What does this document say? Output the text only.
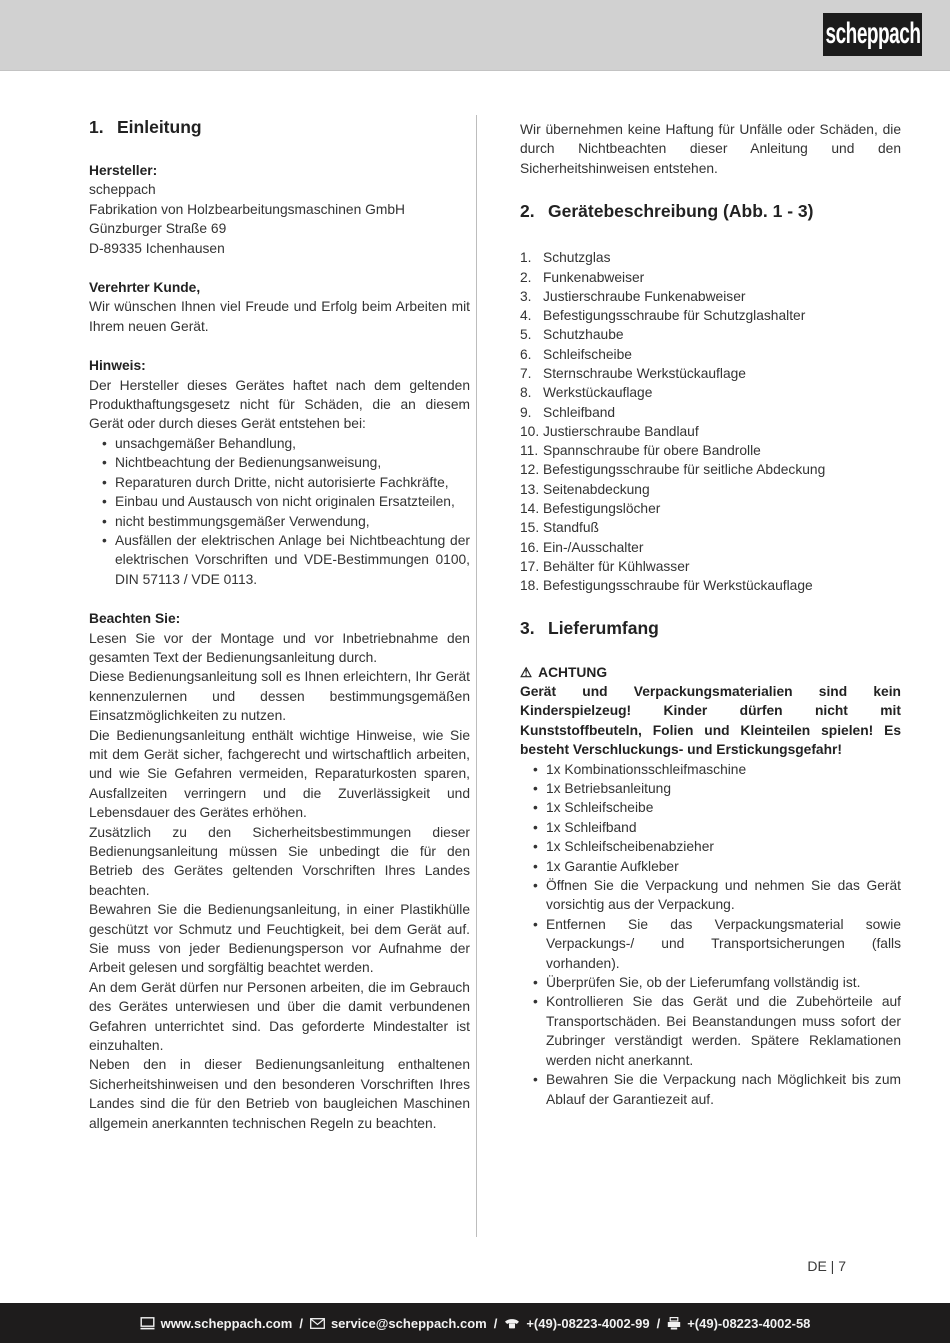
scheppach
1. Einleitung

Hersteller:

scheppach

Fabrikation von Holzbearbeitungsmaschinen GmbH

Günzburger Straße 69

D-89335 Ichenhausen

Verehrter Kunde,

Wir wünschen Ihnen viel Freude und Erfolg beim Arbeiten mit Ihrem neuen Gerät.

Hinweis:

Der Hersteller dieses Gerätes haftet nach dem geltenden Produkthaftungsgesetz nicht für Schäden, die an diesem Gerät oder durch dieses Gerät entstehen bei:

• unsachgemäßer Behandlung,
• Nichtbeachtung der Bedienungsanweisung,
• Reparaturen durch Dritte, nicht autorisierte Fachkräfte,
• Einbau und Austausch von nicht originalen Ersatzteilen,
• nicht bestimmungsgemäßer Verwendung,
• Ausfällen der elektrischen Anlage bei Nichtbeachtung der elektrischen Vorschriften und VDE-Bestimmungen 0100, DIN 57113 / VDE 0113.

Beachten Sie:

Lesen Sie vor der Montage und vor Inbetriebnahme den gesamten Text der Bedienungsanleitung durch.

Diese Bedienungsanleitung soll es Ihnen erleichtern, Ihr Gerät kennenzulernen und dessen bestimmungsgemäßen Einsatzmöglichkeiten zu nutzen.

Die Bedienungsanleitung enthält wichtige Hinweise, wie Sie mit dem Gerät sicher, fachgerecht und wirtschaftlich arbeiten, und wie Sie Gefahren vermeiden, Reparaturkosten sparen, Ausfallzeiten verringern und die Zuverlässigkeit und Lebensdauer des Gerätes erhöhen.

Zusätzlich zu den Sicherheitsbestimmungen dieser Bedienungsanleitung müssen Sie unbedingt die für den Betrieb des Gerätes geltenden Vorschriften Ihres Landes beachten.

Bewahren Sie die Bedienungsanleitung, in einer Plastikhülle geschützt vor Schmutz und Feuchtigkeit, bei dem Gerät auf. Sie muss von jeder Bedienungsperson vor Aufnahme der Arbeit gelesen und sorgfältig beachtet werden.

An dem Gerät dürfen nur Personen arbeiten, die im Gebrauch des Gerätes unterwiesen und über die damit verbundenen Gefahren unterrichtet sind. Das geforderte Mindestalter ist einzuhalten.

Neben den in dieser Bedienungsanleitung enthaltenen Sicherheitshinweisen und den besonderen Vorschriften Ihres Landes sind die für den Betrieb von baugleichen Maschinen allgemein anerkannten technischen Regeln zu beachten.

Wir übernehmen keine Haftung für Unfälle oder Schäden, die durch Nichtbeachten dieser Anleitung und den Sicherheitshinweisen entstehen.

2. Gerätebeschreibung (Abb. 1 - 3)
1. Schutzglas
2. Funkenabweiser
3. Justierschraube Funkenabweiser
4. Befestigungsschraube für Schutzglashalter
5. Schutzhaube
6. Schleifscheibe
7. Sternschraube Werkstückauflage
8. Werkstückauflage
9. Schleifband
10. Justierschraube Bandlauf
11. Spannschraube für obere Bandrolle
12. Befestigungsschraube für seitliche Abdeckung
13. Seitenabdeckung
14. Befestigungslöcher
15. Standfuß
16. Ein-/Ausschalter
17. Behälter für Kühlwasser
18. Befestigungsschraube für Werkstückauflage
3. Lieferumfang

⚠ ACHTUNG

Gerät und Verpackungsmaterialien sind kein Kinderspielzeug! Kinder dürfen nicht mit Kunststoffbeuteln, Folien und Kleinteilen spielen! Es besteht Verschluckungs- und Erstickungsgefahr!

• 1x Kombinationsschleifmaschine
• 1x Betriebsanleitung
• 1x Schleifscheibe
• 1x Schleifband
• 1x Schleifscheibenabzieher
• 1x Garantie Aufkleber
• Öffnen Sie die Verpackung und nehmen Sie das Gerät vorsichtig aus der Verpackung.
• Entfernen Sie das Verpackungsmaterial sowie Verpackungs-/ und Transportsicherungen (falls vorhanden).
• Überprüfen Sie, ob der Lieferumfang vollständig ist.
• Kontrollieren Sie das Gerät und die Zubehörteile auf Transportschäden. Bei Beanstandungen muss sofort der Zubringer verständigt werden. Spätere Reklamationen werden nicht anerkannt.
• Bewahren Sie die Verpackung nach Möglichkeit bis zum Ablauf der Garantiezeit auf.
DE | 7
www.scheppach.com / service@scheppach.com / +(49)-08223-4002-99 / +(49)-08223-4002-58
